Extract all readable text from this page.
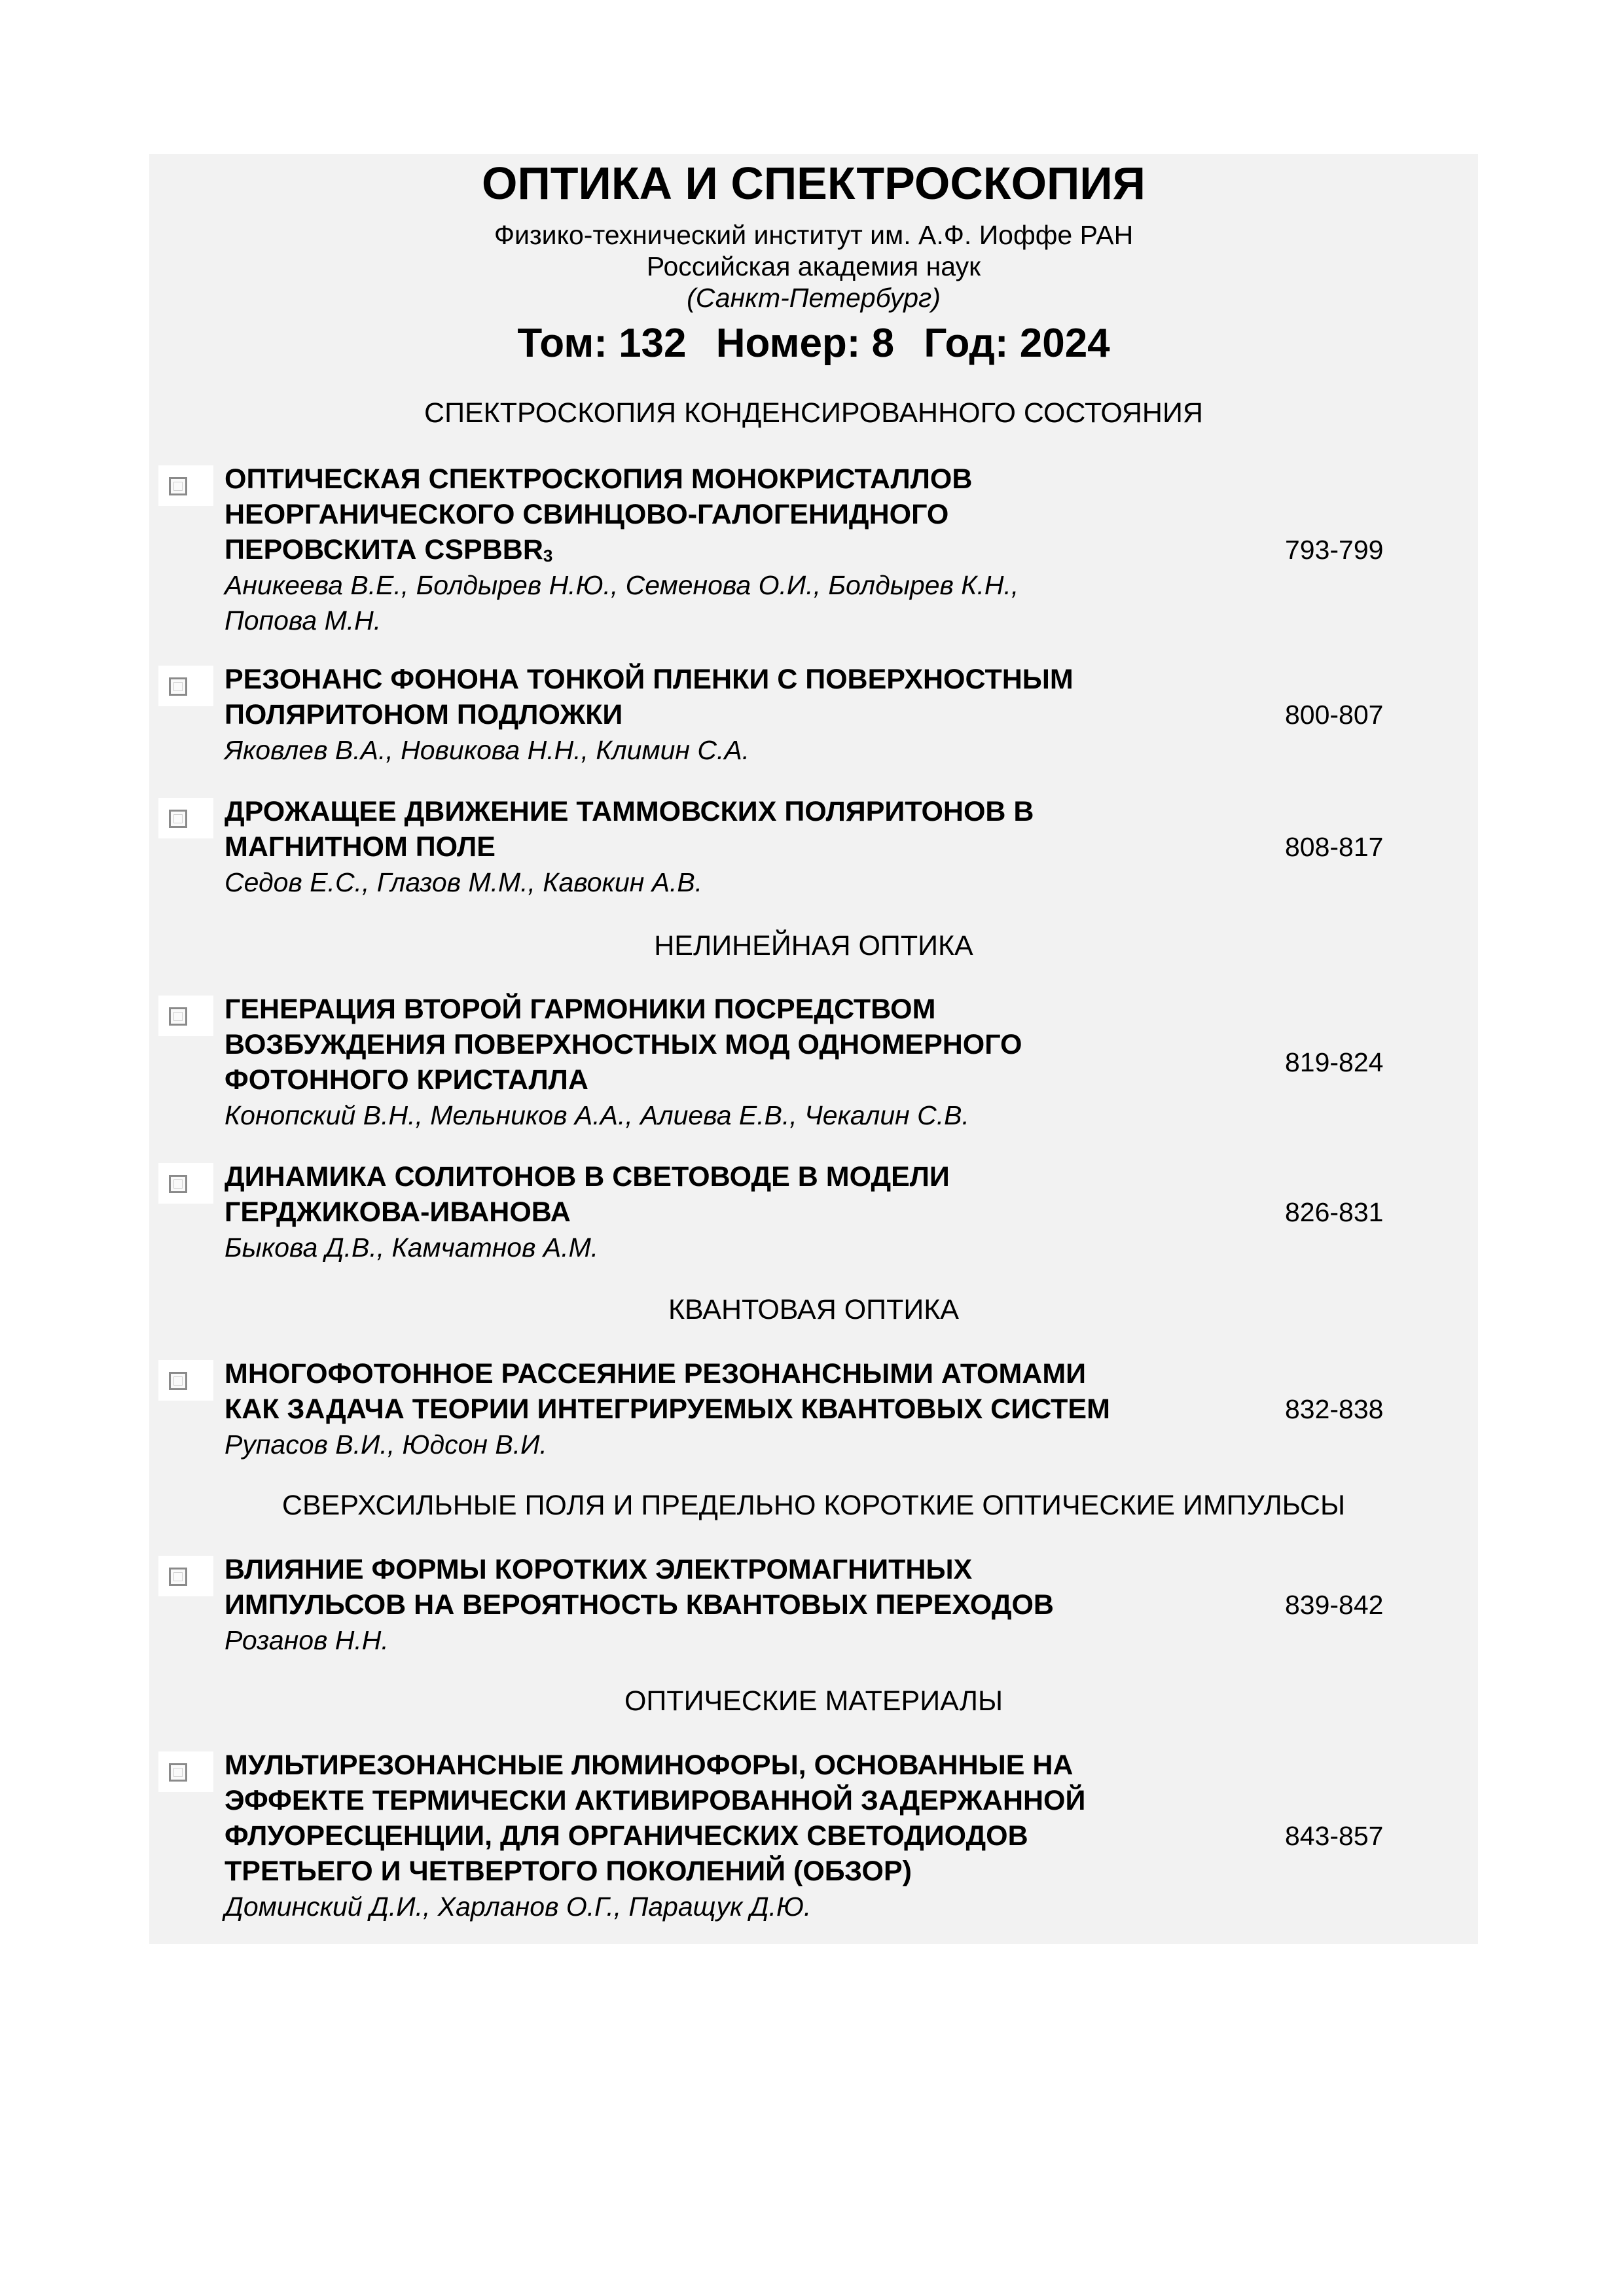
ОПТИКА И СПЕКТРОСКОПИЯ
Физико-технический институт им. А.Ф. Иоффе РАН
Российская академия наук
(Санкт-Петербург)
Том: 132 Номер: 8 Год: 2024
СПЕКТРОСКОПИЯ КОНДЕНСИРОВАННОГО СОСТОЯНИЯ
ОПТИЧЕСКАЯ СПЕКТРОСКОПИЯ МОНОКРИСТАЛЛОВ
НЕОРГАНИЧЕСКОГО СВИНЦОВО-ГАЛОГЕНИДНОГО
ПЕРОВСКИТА $CSPBBR_3$
Аникеева В.Е., Болдырев Н.Ю., Семенова О.И., Болдырев К.Н.,
Попова М.Н.
793-799
РЕЗОНАНС ФОНОНА ТОНКОЙ ПЛЕНКИ С ПОВЕРХНОСТНЫМ
ПОЛЯРИТОНОМ ПОДЛОЖКИ
Яковлев В.А., Новикова Н.Н., Климин С.А.
800-807
ДРОЖАЩЕЕ ДВИЖЕНИЕ ТАММОВСКИХ ПОЛЯРИТОНОВ В
МАГНИТНОМ ПОЛЕ
Седов Е.С., Глазов М.М., Кавокин А.В.
808-817
НЕЛИНЕЙНАЯ ОПТИКА
ГЕНЕРАЦИЯ ВТОРОЙ ГАРМОНИКИ ПОСРЕДСТВОМ
ВОЗБУЖДЕНИЯ ПОВЕРХНОСТНЫХ МОД ОДНОМЕРНОГО
ФОТОННОГО КРИСТАЛЛА
Конопский В.Н., Мельников А.А., Алиева Е.В., Чекалин С.В.
819-824
ДИНАМИКА СОЛИТОНОВ В СВЕТОВОДЕ В МОДЕЛИ
ГЕРДЖИКОВА-ИВАНОВА
Быкова Д.В., Камчатнов А.М.
826-831
КВАНТОВАЯ ОПТИКА
МНОГОФОТОННОЕ РАССЕЯНИЕ РЕЗОНАНСНЫМИ АТОМАМИ
КАК ЗАДАЧА ТЕОРИИ ИНТЕГРИРУЕМЫХ КВАНТОВЫХ СИСТЕМ
Рупасов В.И., Юдсон В.И.
832-838
СВЕРХСИЛЬНЫЕ ПОЛЯ И ПРЕДЕЛЬНО КОРОТКИЕ ОПТИЧЕСКИЕ ИМПУЛЬСЫ
ВЛИЯНИЕ ФОРМЫ КОРОТКИХ ЭЛЕКТРОМАГНИТНЫХ
ИМПУЛЬСОВ НА ВЕРОЯТНОСТЬ КВАНТОВЫХ ПЕРЕХОДОВ
Розанов Н.Н.
839-842
ОПТИЧЕСКИЕ МАТЕРИАЛЫ
МУЛЬТИРЕЗОНАНСНЫЕ ЛЮМИНОФОРЫ, ОСНОВАННЫЕ НА
ЭФФЕКТЕ ТЕРМИЧЕСКИ АКТИВИРОВАННОЙ ЗАДЕРЖАННОЙ
ФЛУОРЕСЦЕНЦИИ, ДЛЯ ОРГАНИЧЕСКИХ СВЕТОДИОДОВ
ТРЕТЬЕГО И ЧЕТВЕРТОГО ПОКОЛЕНИЙ (ОБЗОР)
Доминский Д.И., Харланов О.Г., Паращук Д.Ю.
843-857
